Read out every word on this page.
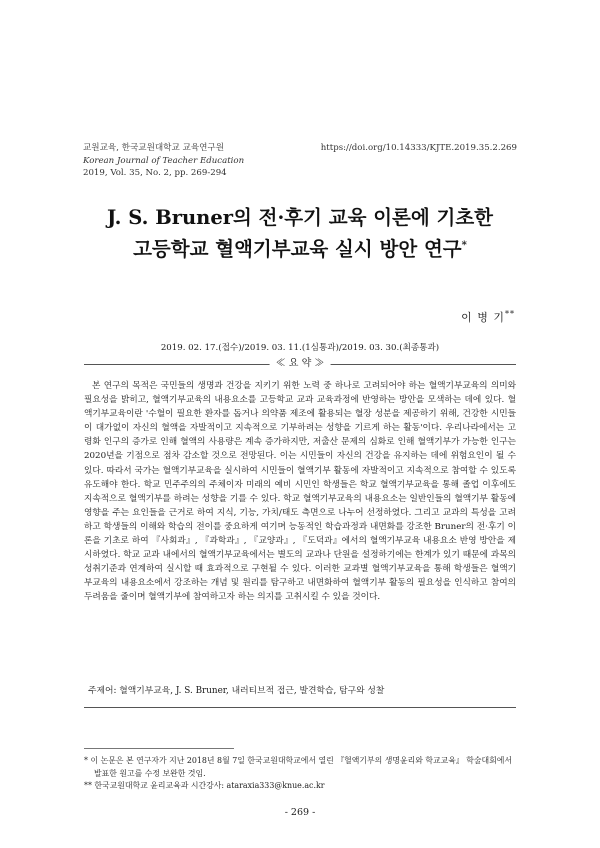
교원교육, 한국교원대학교 교육연구원	https://doi.org/10.14333/KJTE.2019.35.2.269
Korean Journal of Teacher Education
2019, Vol. 35, No. 2, pp. 269-294
J. S. Bruner의 전·후기 교육 이론에 기초한
고등학교 혈액기부교육 실시 방안 연구*
이 병 기**
2019. 02. 17.(접수)/2019. 03. 11.(1심통과)/2019. 03. 30.(최종통과)
≪ 요 약 ≫
본 연구의 목적은 국민들의 생명과 건강을 지키기 위한 노력 중 하나로 고려되어야 하는 혈액기부교육의 의미와 필요성을 밝히고, 혈액기부교육의 내용요소를 고등학교 교과 교육과정에 반영하는 방안을 모색하는 데에 있다. 혈액기부교육이란 '수혈이 필요한 환자를 돕거나 의약품 제조에 활용되는 혈장 성분을 제공하기 위해, 건강한 시민들이 대가없이 자신의 혈액을 자발적이고 지속적으로 기부하려는 성향을 기르게 하는 활동'이다. 우리나라에서는 고령화 인구의 증가로 인해 혈액의 사용량은 계속 증가하지만, 저출산 문제의 심화로 인해 혈액기부가 가능한 인구는 2020년을 기점으로 점차 감소할 것으로 전망된다. 이는 시민들이 자신의 건강을 유지하는 데에 위험요인이 될 수 있다. 따라서 국가는 혈액기부교육을 실시하여 시민들이 혈액기부 활동에 자발적이고 지속적으로 참여할 수 있도록 유도해야 한다. 학교 민주주의의 주체이자 미래의 예비 시민인 학생들은 학교 혈액기부교육을 통해 졸업 이후에도 지속적으로 혈액기부를 하려는 성향을 기를 수 있다. 학교 혈액기부교육의 내용요소는 일반인들의 혈액기부 활동에 영향을 주는 요인들을 근거로 하여 지식, 기능, 가치/태도 측면으로 나누어 선정하였다. 그리고 교과의 특성을 고려하고 학생들의 이해와 학습의 전이를 중요하게 여기며 능동적인 학습과정과 내면화를 강조한 Bruner의 전·후기 이론을 기초로 하여 『사회과』, 『과학과』, 『교양과』, 『도덕과』에서의 혈액기부교육 내용요소 반영 방안을 제시하였다. 학교 교과 내에서의 혈액기부교육에서는 별도의 교과나 단원을 설정하기에는 한계가 있기 때문에 과목의 성취기준과 연계하여 실시할 때 효과적으로 구현될 수 있다. 이러한 교과별 혈액기부교육을 통해 학생들은 혈액기부교육의 내용요소에서 강조하는 개념 및 원리를 탐구하고 내면화하여 혈액기부 활동의 필요성을 인식하고 참여의 두려움을 줄이며 혈액기부에 참여하고자 하는 의지를 고취시킬 수 있을 것이다.
주제어: 혈액기부교육, J. S. Bruner, 내러티브적 접근, 발견학습, 탐구와 성찰
* 이 논문은 본 연구자가 지난 2018년 8월 7일 한국교원대학교에서 열린 『혈액기부의 생명윤리와 학교교육』 학술대회에서 발표한 원고를 수정 보완한 것임.
** 한국교원대학교 윤리교육과 시간강사: ataraxia333@knue.ac.kr
- 269 -
